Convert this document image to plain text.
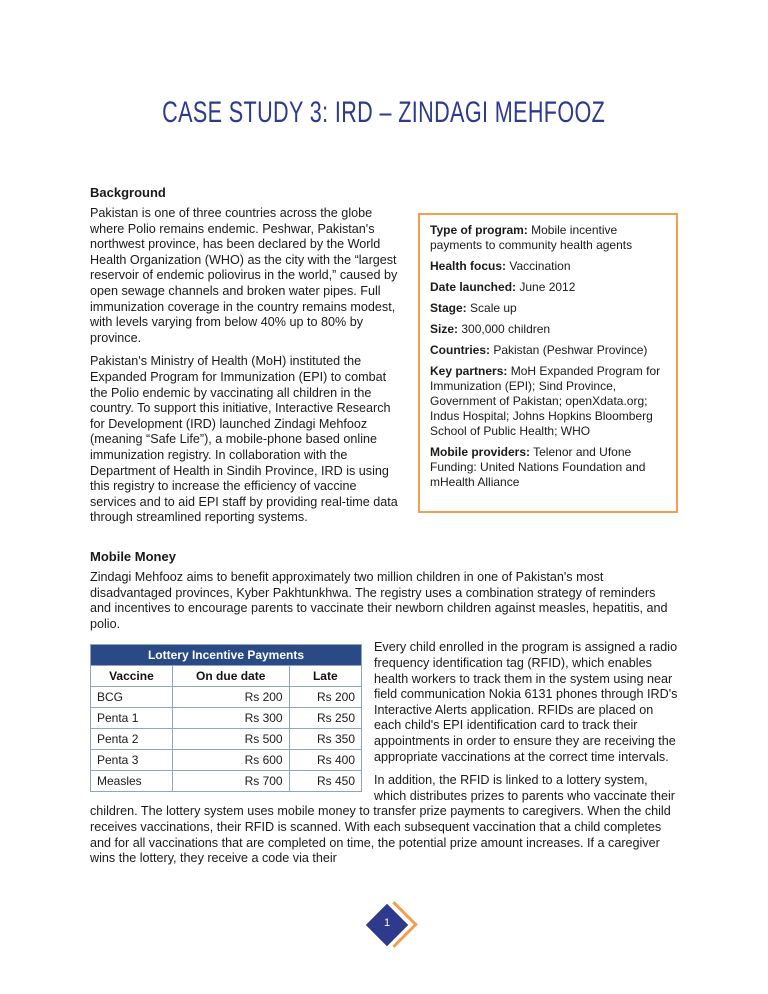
CASE STUDY 3: IRD – ZINDAGI MEHFOOZ
Background

Pakistan is one of three countries across the globe where Polio remains endemic. Peshwar, Pakistan's northwest province, has been declared by the World Health Organization (WHO) as the city with the “largest reservoir of endemic poliovirus in the world,” caused by open sewage channels and broken water pipes. Full immunization coverage in the country remains modest, with levels varying from below 40% up to 80% by province.

Pakistan's Ministry of Health (MoH) instituted the Expanded Program for Immunization (EPI) to combat the Polio endemic by vaccinating all children in the country. To support this initiative, Interactive Research for Development (IRD) launched Zindagi Mehfooz (meaning “Safe Life”), a mobile-phone based online immunization registry. In collaboration with the Department of Health in Sindih Province, IRD is using this registry to increase the efficiency of vaccine services and to aid EPI staff by providing real-time data through streamlined reporting systems.

Type of program: Mobile incentive payments to community health agents
Health focus: Vaccination
Date launched: June 2012
Stage: Scale up
Size: 300,000 children
Countries: Pakistan (Peshwar Province)
Key partners: MoH Expanded Program for Immunization (EPI); Sind Province, Government of Pakistan; openXdata.org; Indus Hospital; Johns Hopkins Bloomberg School of Public Health; WHO
Mobile providers: Telenor and Ufone Funding: United Nations Foundation and mHealth Alliance
Mobile Money

Zindagi Mehfooz aims to benefit approximately two million children in one of Pakistan's most disadvantaged provinces, Kyber Pakhtunkhwa. The registry uses a combination strategy of reminders and incentives to encourage parents to vaccinate their newborn children against measles, hepatitis, and polio.

Lottery Incentive Payments		
Vaccine	On due date	Late
BCG	Rs 200	Rs 200
Penta 1	Rs 300	Rs 250
Penta 2	Rs 500	Rs 350
Penta 3	Rs 600	Rs 400
Measles	Rs 700	Rs 450

Every child enrolled in the program is assigned a radio frequency identification tag (RFID), which enables health workers to track them in the system using near field communication Nokia 6131 phones through IRD's Interactive Alerts application. RFIDs are placed on each child's EPI identification card to track their appointments in order to ensure they are receiving the appropriate vaccinations at the correct time intervals.

In addition, the RFID is linked to a lottery system, which distributes prizes to parents who vaccinate their children. The lottery system uses mobile money to transfer prize payments to caregivers. When the child receives vaccinations, their RFID is scanned. With each subsequent vaccination that a child completes and for all vaccinations that are completed on time, the potential prize amount increases. If a caregiver wins the lottery, they receive a code via their

1
